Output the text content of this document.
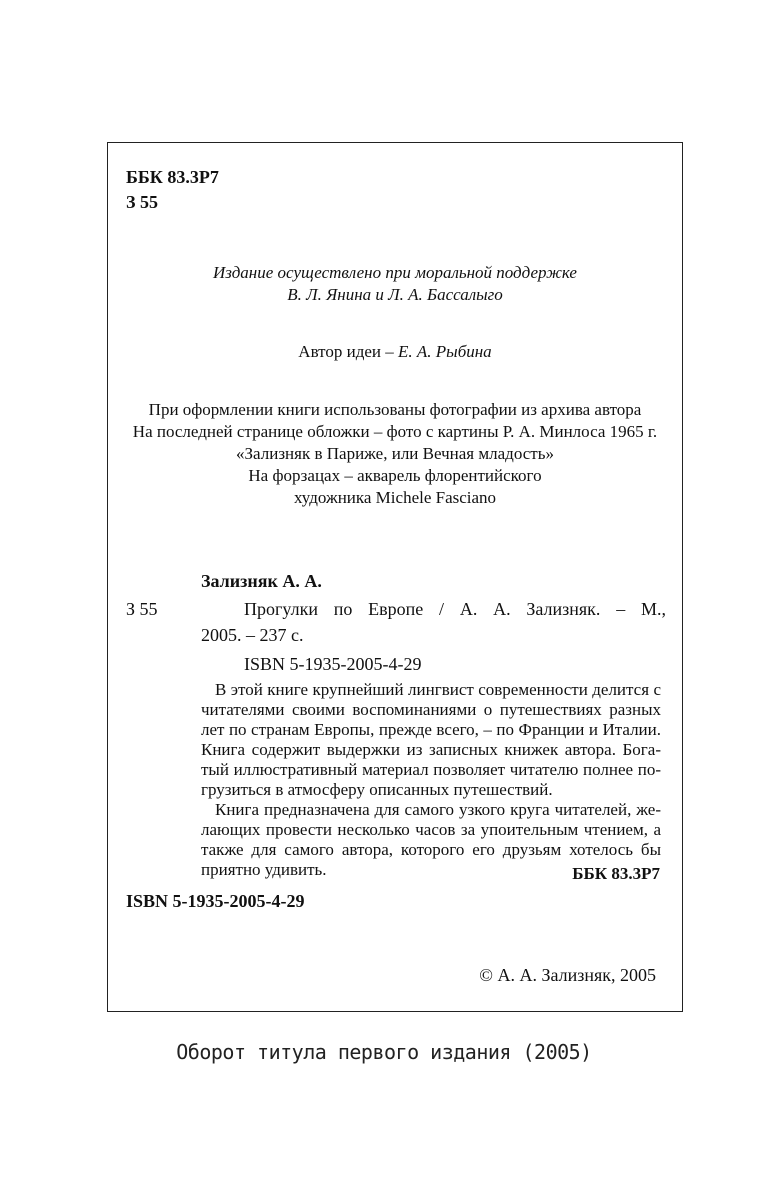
ББК 83.3Р7
З 55
Издание осуществлено при моральной поддержке
В. Л. Янина и Л. А. Бассалыго
Автор идеи – Е. А. Рыбина
При оформлении книги использованы фотографии из архива автора
На последней странице обложки – фото с картины Р. А. Минлоса 1965 г.
«Зализняк в Париже, или Вечная младость»
На форзацах – акварель флорентийского
художника Michele Fasciano
Зализняк А. А.
З 55	Прогулки по Европе / А. А. Зализняк. – М.,
2005. – 237 с.
ISBN 5-1935-2005-4-29
В этой книге крупнейший лингвист современности делится с
читателями своими воспоминаниями о путешествиях разных
лет по странам Европы, прежде всего, – по Франции и Италии.
Книга содержит выдержки из записных книжек автора. Бога-
тый иллюстративный материал позволяет читателю полнее по-
грузиться в атмосферу описанных путешествий.
Книга предназначена для самого узкого круга читателей, же-
лающих провести несколько часов за упоительным чтением, а
также для самого автора, которого его друзьям хотелось бы
приятно удивить.	ББК 83.3Р7
ISBN 5-1935-2005-4-29
© А. А. Зализняк, 2005
Оборот титула первого издания (2005)
